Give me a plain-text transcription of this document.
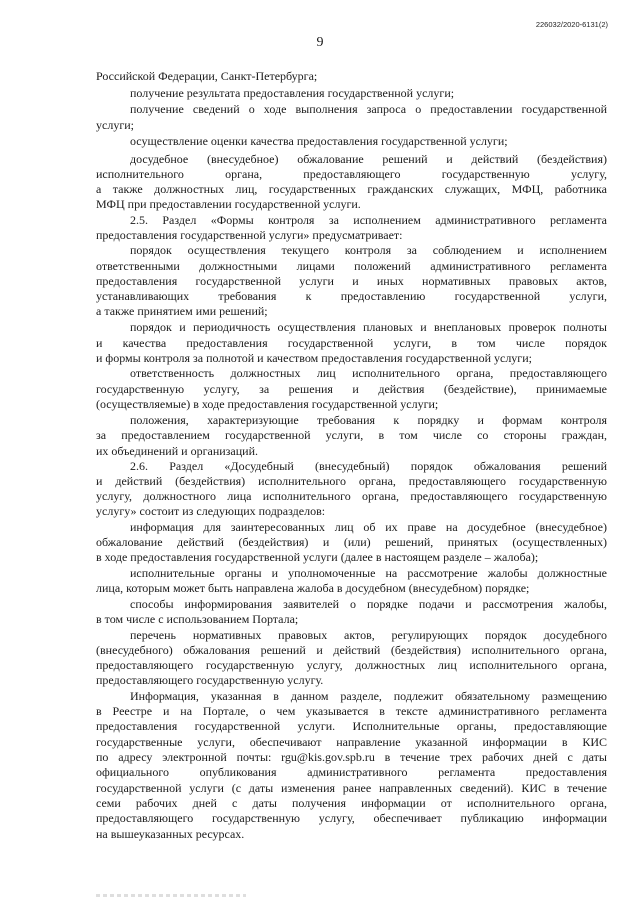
226032/2020-6131(2)
9
Российской Федерации, Санкт-Петербурга;
получение результата предоставления государственной услуги;
получение сведений о ходе выполнения запроса о предоставлении государственной
услуги;
осуществление оценки качества предоставления государственной услуги;
досудебное (внесудебное) обжалование решений и действий (бездействия)
исполнительного органа, предоставляющего государственную услугу,
а также должностных лиц, государственных гражданских служащих, МФЦ, работника
МФЦ при предоставлении государственной услуги.
2.5. Раздел «Формы контроля за исполнением административного регламента
предоставления государственной услуги» предусматривает:
порядок осуществления текущего контроля за соблюдением и исполнением
ответственными должностными лицами положений административного регламента
предоставления государственной услуги и иных нормативных правовых актов,
устанавливающих требования к предоставлению государственной услуги,
а также принятием ими решений;
порядок и периодичность осуществления плановых и внеплановых проверок полноты
и качества предоставления государственной услуги, в том числе порядок
и формы контроля за полнотой и качеством предоставления государственной услуги;
ответственность должностных лиц исполнительного органа, предоставляющего
государственную услугу, за решения и действия (бездействие), принимаемые
(осуществляемые) в ходе предоставления государственной услуги;
положения, характеризующие требования к порядку и формам контроля
за предоставлением государственной услуги, в том числе со стороны граждан,
их объединений и организаций.
2.6. Раздел «Досудебный (внесудебный) порядок обжалования решений
и действий (бездействия) исполнительного органа, предоставляющего государственную
услугу, должностного лица исполнительного органа, предоставляющего государственную
услугу» состоит из следующих подразделов:
информация для заинтересованных лиц об их праве на досудебное (внесудебное)
обжалование действий (бездействия) и (или) решений, принятых (осуществленных)
в ходе предоставления государственной услуги (далее в настоящем разделе – жалоба);
исполнительные органы и уполномоченные на рассмотрение жалобы должностные
лица, которым может быть направлена жалоба в досудебном (внесудебном) порядке;
способы информирования заявителей о порядке подачи и рассмотрения жалобы,
в том числе с использованием Портала;
перечень нормативных правовых актов, регулирующих порядок досудебного
(внесудебного) обжалования решений и действий (бездействия) исполнительного органа,
предоставляющего государственную услугу, должностных лиц исполнительного органа,
предоставляющего государственную услугу.
Информация, указанная в данном разделе, подлежит обязательному размещению
в Реестре и на Портале, о чем указывается в тексте административного регламента
предоставления государственной услуги. Исполнительные органы, предоставляющие
государственные услуги, обеспечивают направление указанной информации в КИС
по адресу электронной почты: rgu@kis.gov.spb.ru в течение трех рабочих дней с даты
официального опубликования административного регламента предоставления
государственной услуги (с даты изменения ранее направленных сведений). КИС в течение
семи рабочих дней с даты получения информации от исполнительного органа,
предоставляющего государственную услугу, обеспечивает публикацию информации
на вышеуказанных ресурсах.
